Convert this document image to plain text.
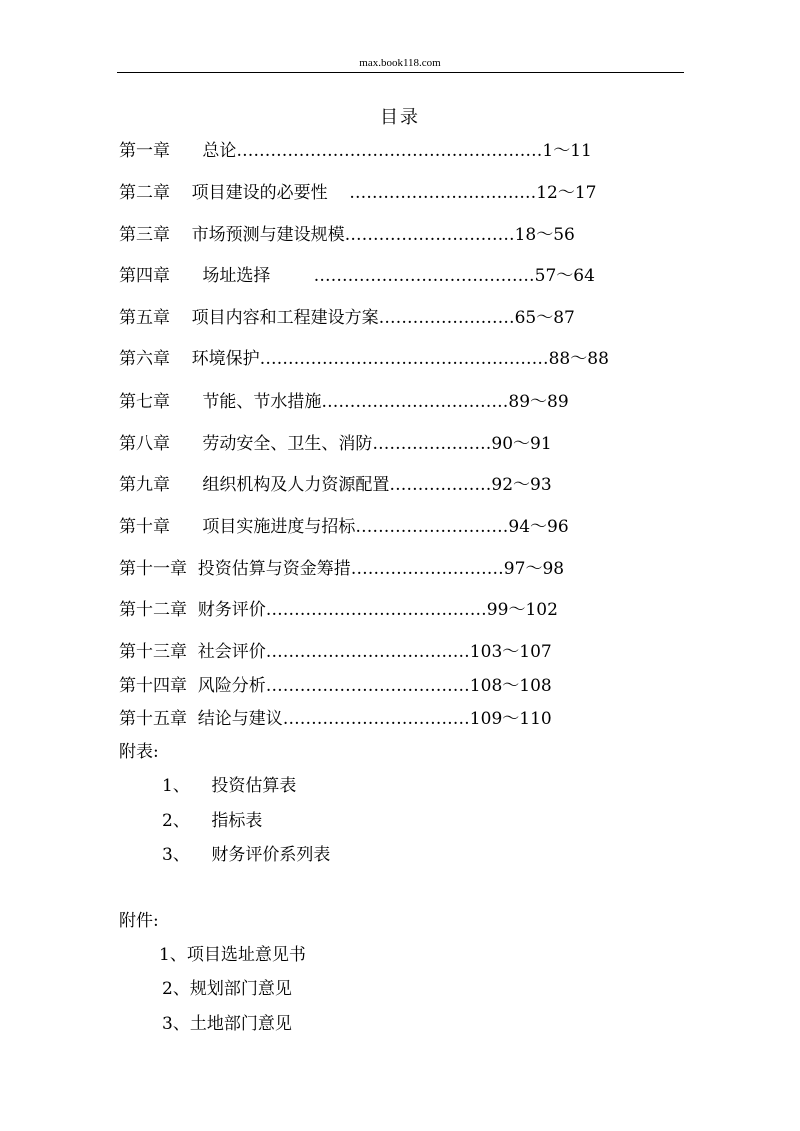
max.book118.com
目录
第一章      总论………………………………………………1～11
第二章    项目建设的必要性    ……………………………12～17
第三章    市场预测与建设规模…………………………18～56
第四章      场址选择        …………………………………57～64
第五章    项目内容和工程建设方案……………………65～87
第六章    环境保护……………………………………………88～88
第七章      节能、节水措施……………………………89～89
第八章      劳动安全、卫生、消防…………………90～91
第九章      组织机构及人力资源配置………………92～93
第十章      项目实施进度与招标………………………94～96
第十一章  投资估算与资金筹措………………………97～98
第十二章  财务评价…………………………………99～102
第十三章  社会评价………………………………103～107
第十四章  风险分析………………………………108～108
第十五章  结论与建议……………………………109～110
附表:
1、    投资估算表
2、    指标表
3、    财务评价系列表
附件:
1、项目选址意见书
2、规划部门意见
3、土地部门意见
